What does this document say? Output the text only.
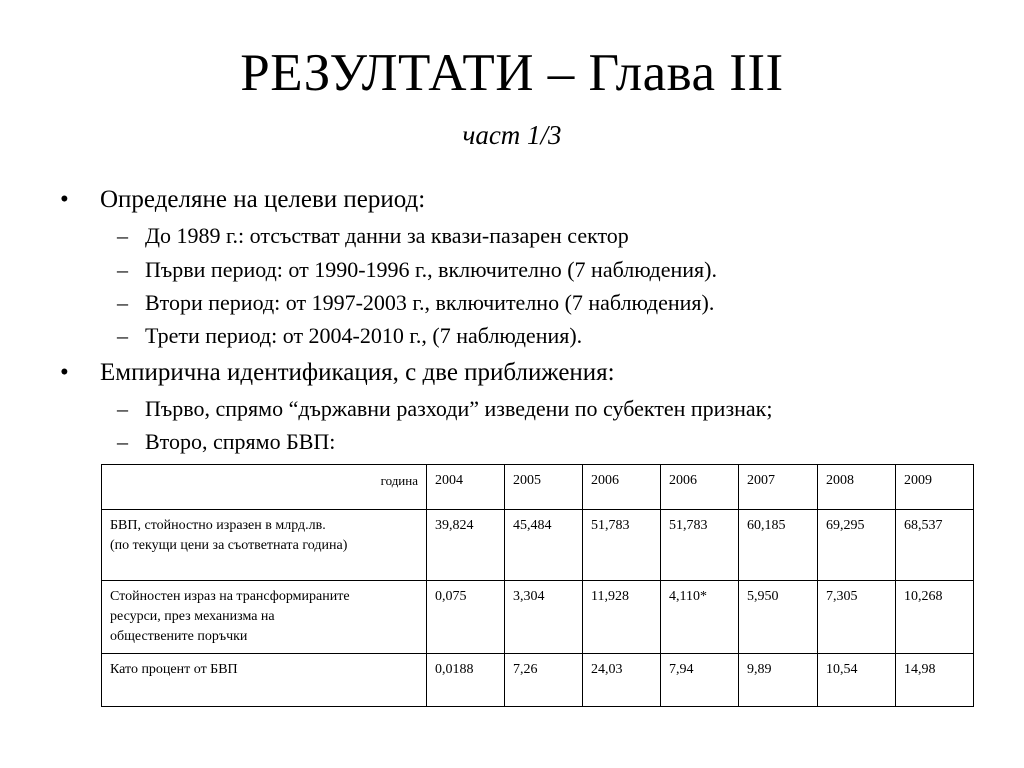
РЕЗУЛТАТИ – Глава III
част 1/3
• Определяне на целеви период:
– До 1989 г.: отсъстват данни за квази-пазарен сектор
– Първи период: от 1990-1996 г., включително (7 наблюдения).
– Втори период: от 1997-2003 г., включително (7 наблюдения).
– Трети период: от 2004-2010 г., (7 наблюдения).
• Емпирична идентификация, с две приближения:
– Първо, спрямо “държавни разходи” изведени по субектен признак;
– Второ, спрямо БВП:
година	2004	2005	2006	2006	2007	2008	2009

БВП, стойностно изразен в млрд.лв.
(по текущи цени за съответната година)	39,824	45,484	51,783	51,783	60,185	69,295	68,537

Стойностен израз на трансформираните
ресурси, през механизма на
обществените поръчки	0,075	3,304	11,928	4,110*	5,950	7,305	10,268

Като процент от БВП	0,0188	7,26	24,03	7,94	9,89	10,54	14,98
